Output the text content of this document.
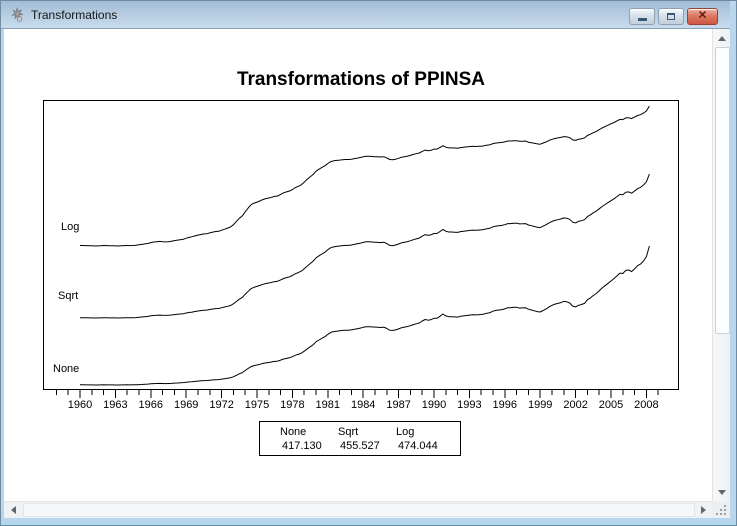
Transformations	✕
Transformations of PPINSA
1960 1963 1966 1969 1972 1975 1978 1981 1984 1987 1990 1993 1996 1999 2002 2005 2008
Log
Sqrt
None
None
417.130
Sqrt
455.527
Log
474.044
